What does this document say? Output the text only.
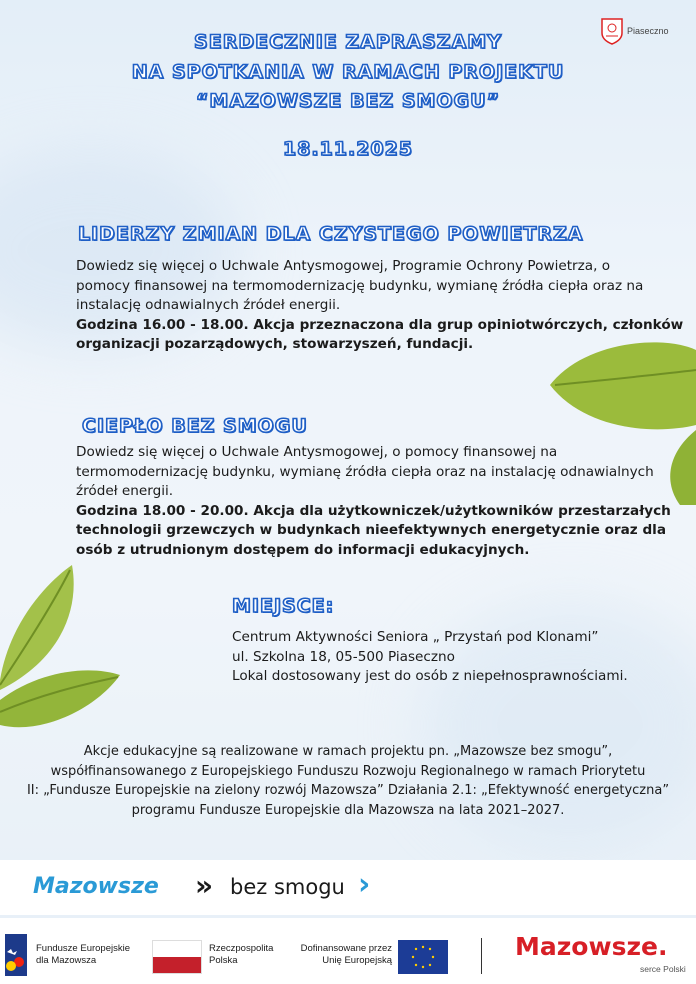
Piaseczno
SERDECZNIE ZAPRASZAMY
NA SPOTKANIA W RAMACH PROJEKTU
“MAZOWSZE BEZ SMOGU”
18.11.2025
LIDERZY ZMIAN DLA CZYSTEGO POWIETRZA
Dowiedz się więcej o Uchwale Antysmogowej, Programie Ochrony Powietrza, o
pomocy finansowej na termomodernizację budynku, wymianę źródła ciepła oraz na
instalację odnawialnych źródeł energii.
Godzina 16.00 - 18.00. Akcja przeznaczona dla grup opiniotwórczych, członków
organizacji pozarządowych, stowarzyszeń, fundacji.
CIEPŁO BEZ SMOGU
Dowiedz się więcej o Uchwale Antysmogowej, o pomocy finansowej na
termomodernizację budynku, wymianę źródła ciepła oraz na instalację odnawialnych
źródeł energii.
Godzina 18.00 - 20.00. Akcja dla użytkowniczek/użytkowników przestarzałych
technologii grzewczych w budynkach nieefektywnych energetycznie oraz dla
osób z utrudnionym dostępem do informacji edukacyjnych.
MIEJSCE:
Centrum Aktywności Seniora „ Przystań pod Klonami”
ul. Szkolna 18, 05-500 Piaseczno
Lokal dostosowany jest do osób z niepełnosprawnościami.
Akcje edukacyjne są realizowane w ramach projektu pn. „Mazowsze bez smogu”,
współfinansowanego z Europejskiego Funduszu Rozwoju Regionalnego w ramach Priorytetu
II: „Fundusze Europejskie na zielony rozwój Mazowsza” Działania 2.1: „Efektywność energetyczna”
programu Fundusze Europejskie dla Mazowsza na lata 2021–2027.
Mazowsze » bez smogu ›
Fundusze Europejskie
dla Mazowsza
Rzeczpospolita
Polska
Dofinansowane przez
Unię Europejską	Mazowsze.
serce Polski
